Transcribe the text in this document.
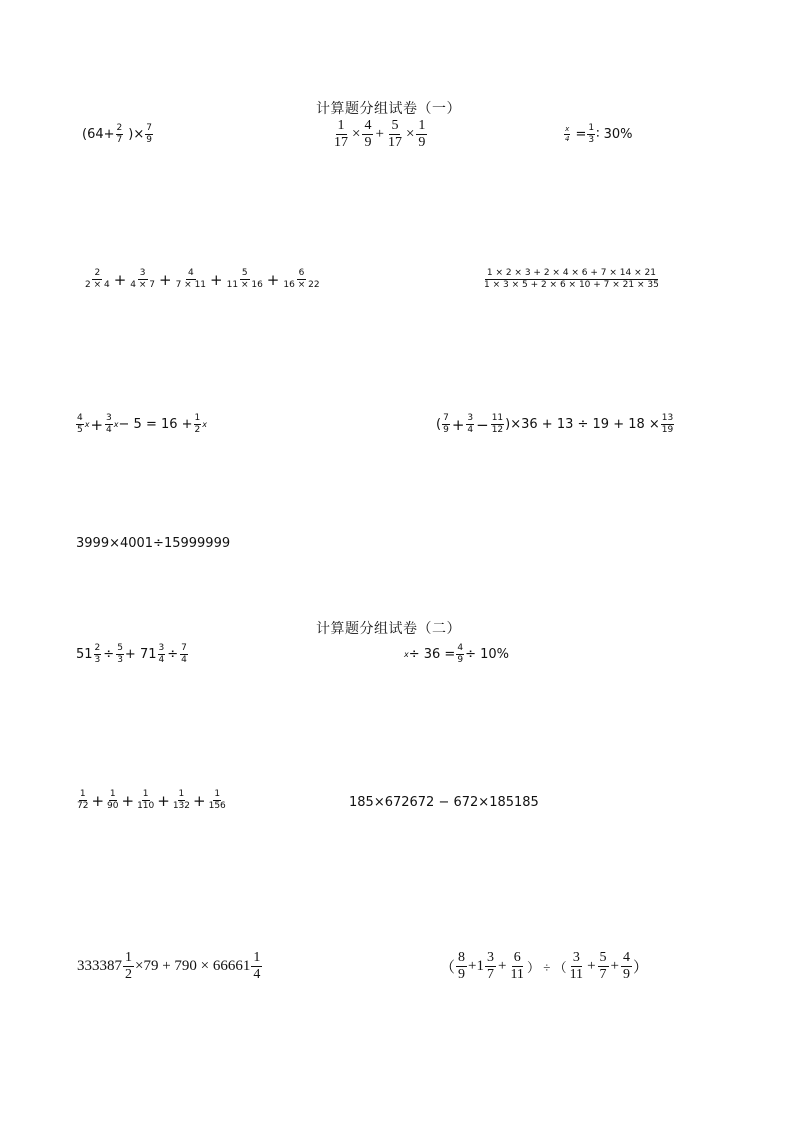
计算题分组试卷（一）
($64+ \frac{2}{7}$ )× $\frac{7}{9}$	$\frac{1}{17} \times \frac{4}{9} + \frac{5}{17} \times \frac{1}{9}$	$\frac{x}{4} = \frac{1}{3}$ ∶ 30%
$\frac{2}{2 \times 4} + \frac{3}{4 \times 7} + \frac{4}{7 \times 11} + \frac{5}{11 \times 16} + \frac{6}{16 \times 22}$	$\frac{1 \times 2 \times 3 + 2 \times 4 \times 6 + 7 \times 14 \times 21}{1 \times 3 \times 5 + 2 \times 6 \times 10 + 7 \times 21 \times 35}$
$\frac{4}{5}$ $x + \frac{3}{4}$ $x - 5 = 16 + \frac{1}{2}$ x	( $\frac{7}{9} + \frac{3}{4} - \frac{11}{12} )\times 36 + 13 \div 19 + 18 \times \frac{13}{19}$
3999×4001÷15999999
计算题分组试卷（二）
$51 \frac{2}{3} \div \frac{5}{3} + 71 \frac{3}{4} \div \frac{7}{4}$	$x \div 36 = \frac{4}{9} \div 10\%$
$\frac{1}{72} + \frac{1}{90} + \frac{1}{110} + \frac{1}{132} + \frac{1}{156}$	185×672672 − 672×185185
$333387 \frac{1}{2} \times 79 + 790 \times 66661 \frac{1}{4}$	（ $\frac{8}{9} +1 \frac{3}{7} + \frac{6}{11}$ ） ÷ （ $\frac{3}{11} + \frac{5}{7} + \frac{4}{9}$ ）
